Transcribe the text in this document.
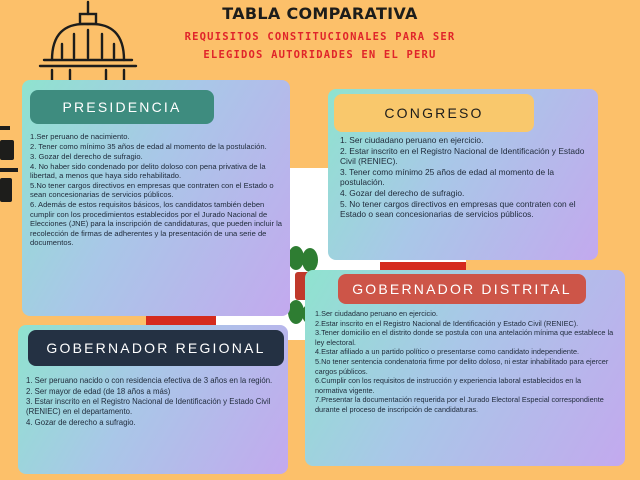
TABLA COMPARATIVA
REQUISITOS CONSTITUCIONALES PARA SER ELEGIDOS AUTORIDADES EN EL PERU
PRESIDENCIA	CONGRESO
GOBERNADOR REGIONAL
GOBERNADOR DISTRITAL
1.Ser peruano de nacimiento.
2. Tener como mínimo 35 años de edad al momento de la postulación.
3. Gozar del derecho de sufragio.
4. No haber sido condenado por delito doloso con pena privativa de la libertad, a menos que haya sido rehabilitado.
5.No tener cargos directivos en empresas que contraten con el Estado o sean concesionarias de servicios públicos.
6. Además de estos requisitos básicos, los candidatos también deben cumplir con los procedimientos establecidos por el Jurado Nacional de Elecciones (JNE) para la inscripción de candidaturas, que pueden incluir la recolección de firmas de adherentes y la presentación de una serie de documentos.
1. Ser ciudadano peruano en ejercicio.
2. Estar inscrito en el Registro Nacional de Identificación y Estado Civil (RENIEC).
3. Tener como mínimo 25 años de edad al momento de la postulación.
4. Gozar del derecho de sufragio.
5. No tener cargos directivos en empresas que contraten con el Estado o sean concesionarias de servicios públicos.
1. Ser peruano nacido o con residencia efectiva de 3 años en la región.
2. Ser mayor de edad (de 18 años a más)
3. Estar inscrito en el Registro Nacional de Identificación y Estado Civil (RENIEC) en el departamento.
4. Gozar de derecho a sufragio.
1.Ser ciudadano peruano en ejercicio.
2.Estar inscrito en el Registro Nacional de Identificación y Estado Civil (RENIEC).
3.Tener domicilio en el distrito donde se postula con una antelación mínima que establece la ley electoral.
4.Estar afiliado a un partido político o presentarse como candidato independiente.
5.No tener sentencia condenatoria firme por delito doloso, ni estar inhabilitado para ejercer cargos públicos.
6.Cumplir con los requisitos de instrucción y experiencia laboral establecidos en la normativa vigente.
7.Presentar la documentación requerida por el Jurado Electoral Especial correspondiente durante el proceso de inscripción de candidaturas.
